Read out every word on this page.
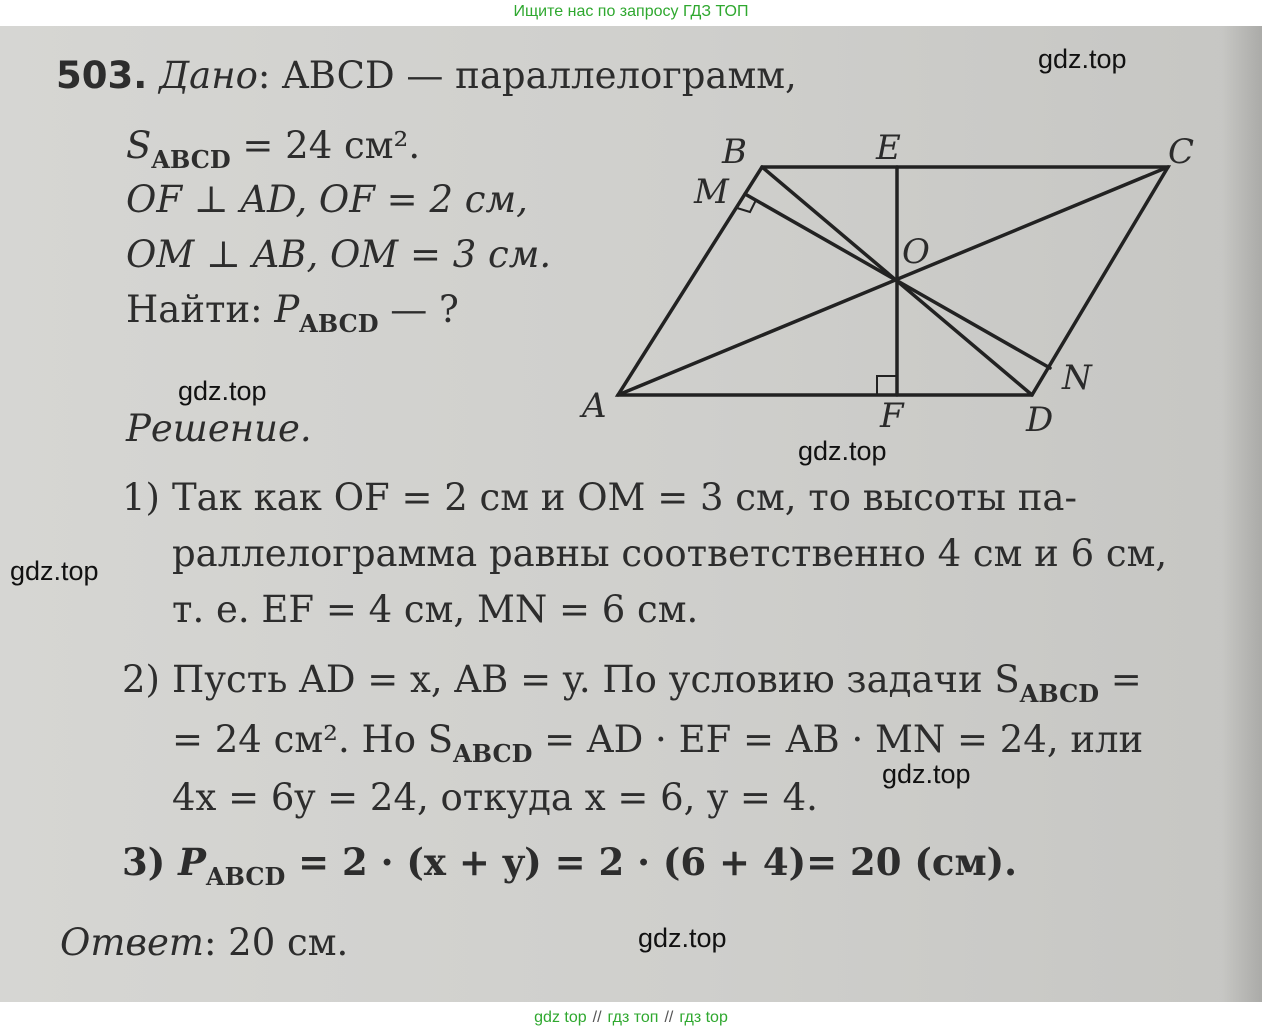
Ищите нас по запросу ГДЗ ТОП
503. Дано: ABCD — параллелограмм,
$S_{ABCD} = 24$ см².
OF ⊥ AD, OF = 2 см,
OM ⊥ AB, OM = 3 см.
Найти: $P_{ABCD}$ — ?
B	E	C
M
O
N
A	F	D
Решение.
1) Так как OF = 2 см и OM = 3 см, то высоты па-
раллелограмма равны соответственно 4 см и 6 см,
т. е. EF = 4 см, MN = 6 см.
2) Пусть AD = x, AB = y. По условию задачи $S_{ABCD}$ =
= 24 см². Но $S_{ABCD}$ = AD · EF = AB · MN = 24, или
4x = 6y = 24, откуда x = 6, y = 4.
3) $P_{ABCD} = 2 \cdot (x + y) = 2 \cdot (6 + 4)= 20$ (см).
Ответ: 20 см.
gdz.top
gdz.top
gdz.top
gdz.top
gdz.top
gdz.top
gdz top // гдз топ // гдз top
